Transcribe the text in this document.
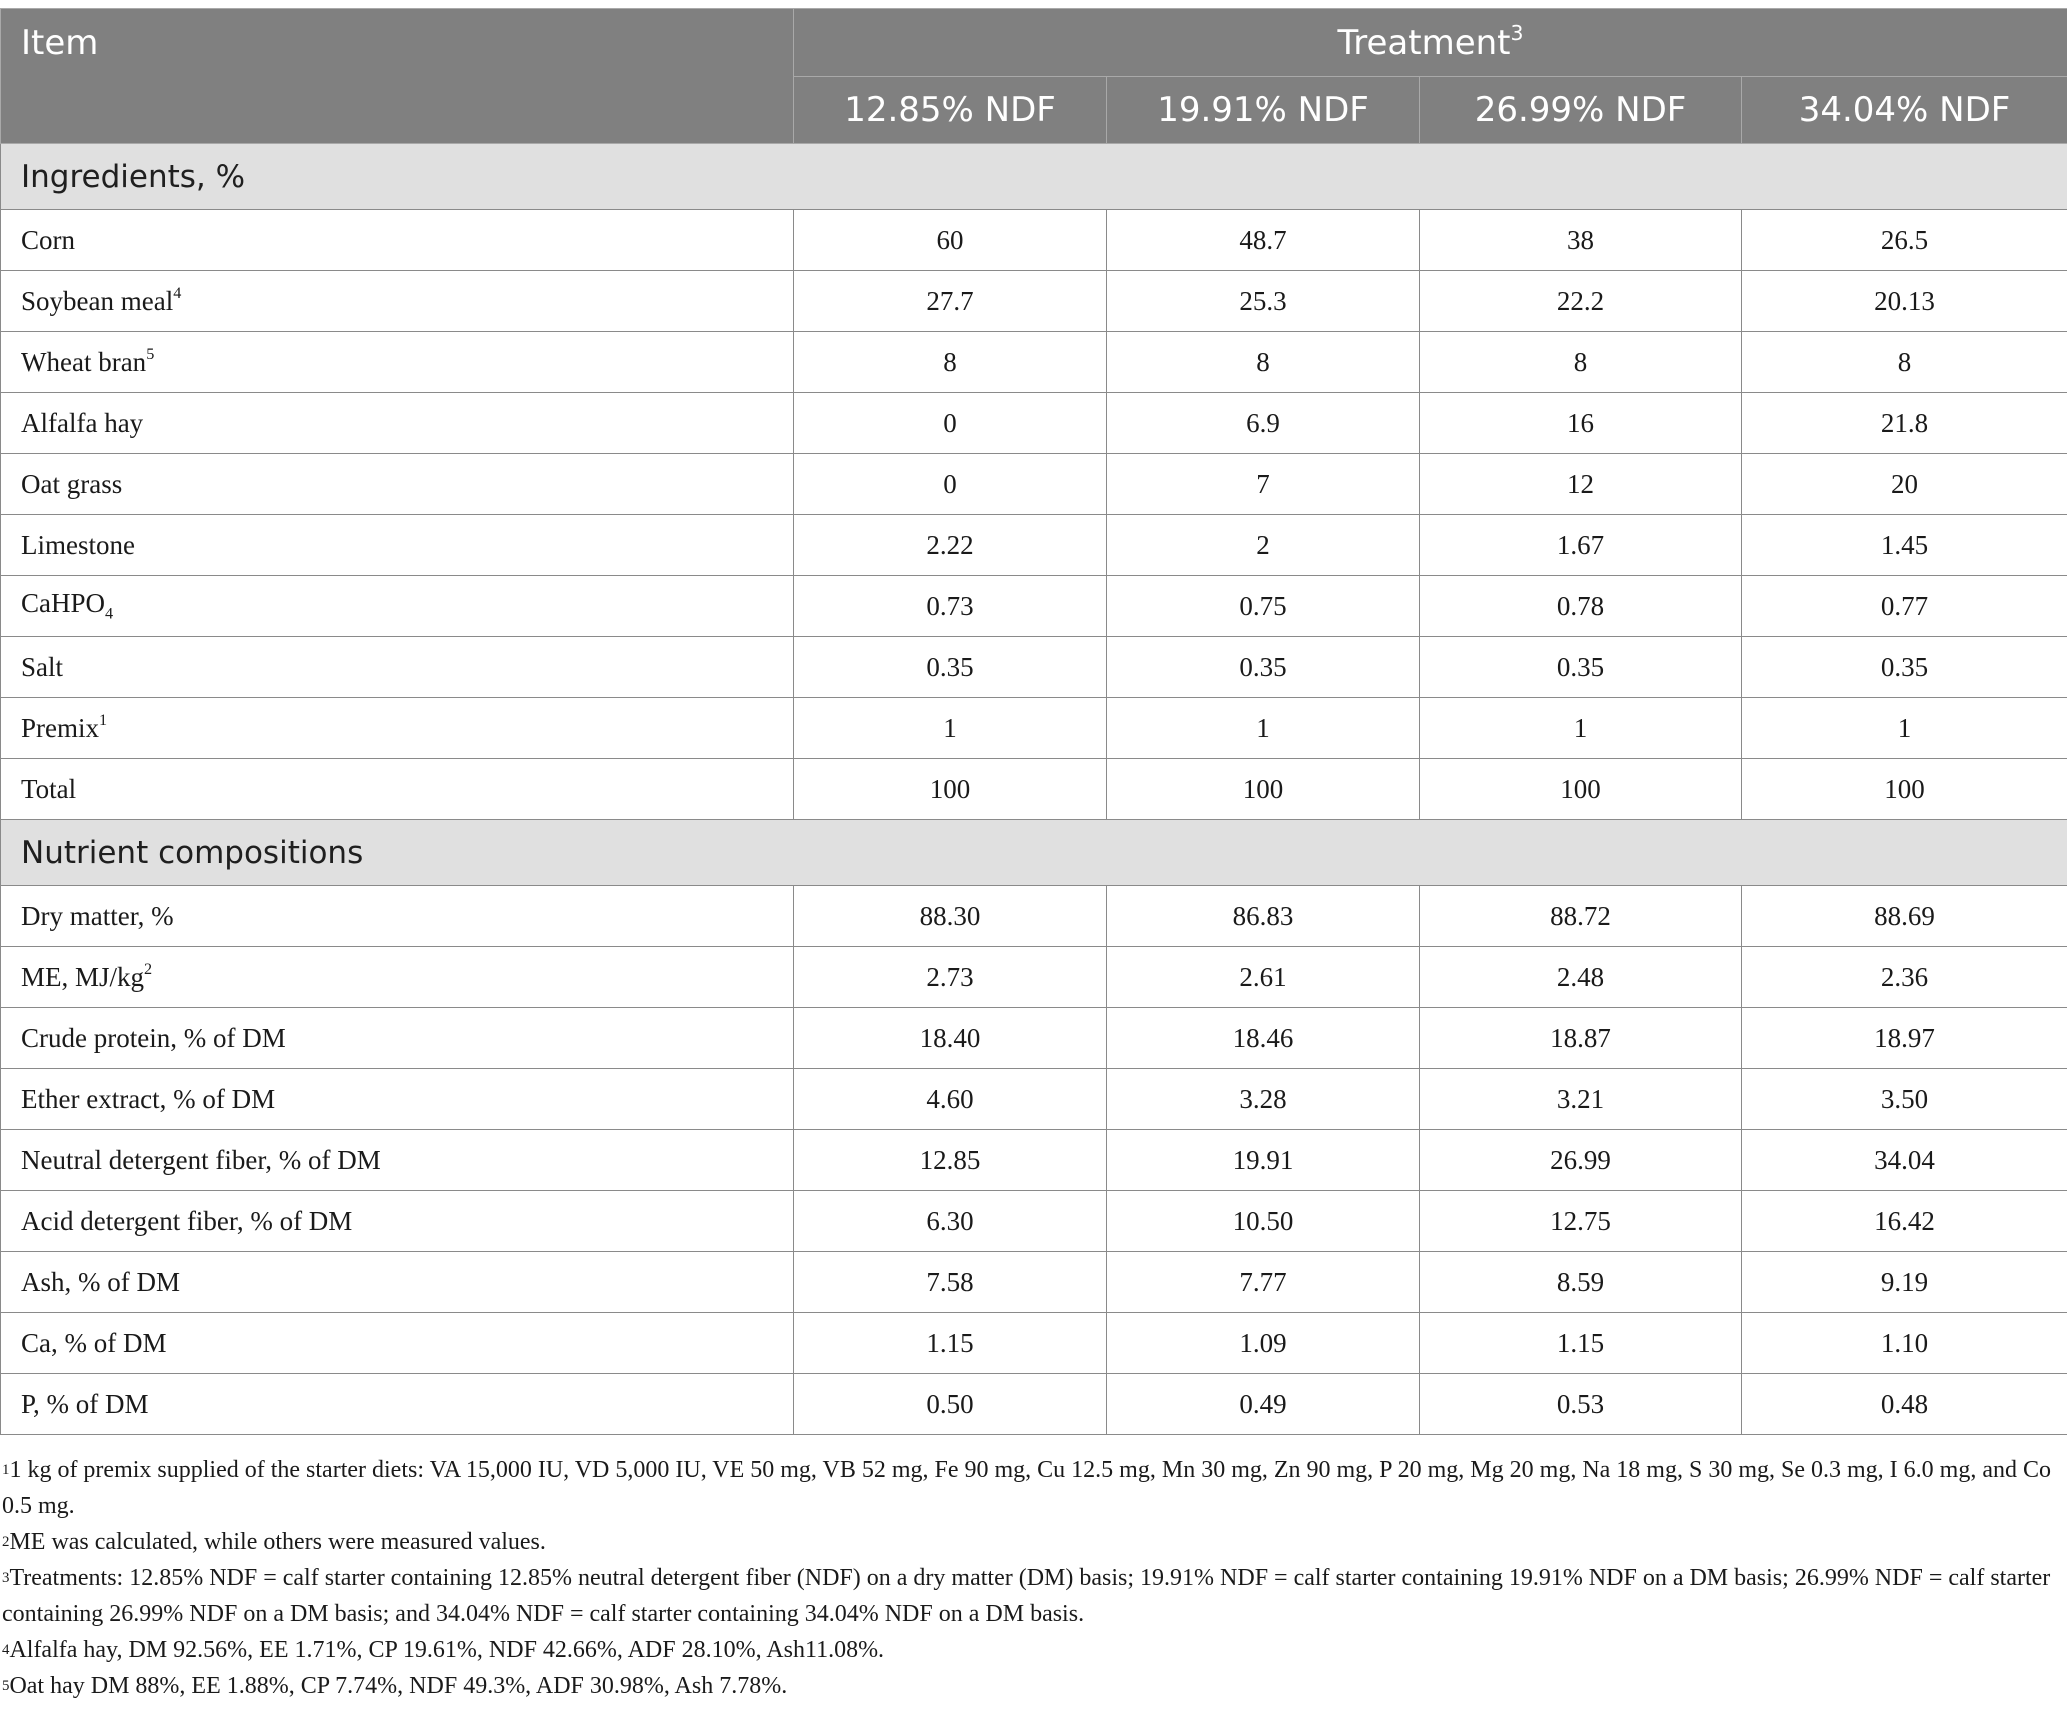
Item	Treatment$^3$
	12.85% NDF	19.91% NDF	26.99% NDF	34.04% NDF
Ingredients, %				
Corn	60	48.7	38	26.5
Soybean meal$^4$	27.7	25.3	22.2	20.13
Wheat bran$^5$	8	8	8	8
Alfalfa hay	0	6.9	16	21.8
Oat grass	0	7	12	20
Limestone	2.22	2	1.67	1.45
CaHPO$_4$	0.73	0.75	0.78	0.77
Salt	0.35	0.35	0.35	0.35
Premix$^1$	1	1	1	1
Total	100	100	100	100
Nutrient compositions				
Dry matter, %	88.30	86.83	88.72	88.69
ME, $MJ/kg^2$	2.73	2.61	2.48	2.36
Crude protein, % of DM	18.40	18.46	18.87	18.97
Ether extract, % of DM	4.60	3.28	3.21	3.50
Neutral detergent fiber, % of DM	12.85	19.91	26.99	34.04
Acid detergent fiber, % of DM	6.30	10.50	12.75	16.42
Ash, % of DM	7.58	7.77	8.59	9.19
Ca, % of DM	1.15	1.09	1.15	1.10
P, % of DM	0.50	0.49	0.53	0.48

$^1$1 kg of premix supplied of the starter diets: VA 15,000 IU, VD 5,000 IU, VE 50 mg, VB 52 mg, Fe 90 mg, Cu 12.5 mg, Mn 30 mg, Zn 90 mg, P 20 mg, Mg 20 mg, Na 18 mg, S 30 mg, Se 0.3 mg, I 6.0 mg, and Co 0.5 mg.

$^2$ME was calculated, while others were measured values.

$^3$Treatments: 12.85% NDF = calf starter containing 12.85% neutral detergent fiber (NDF) on a dry matter (DM) basis; 19.91% NDF = calf starter containing 19.91% NDF on a DM basis; 26.99% NDF = calf starter containing 26.99% NDF on a DM basis; and 34.04% NDF = calf starter containing 34.04% NDF on a DM basis.

$^4$Alfalfa hay, DM 92.56%, EE 1.71%, CP 19.61%, NDF 42.66%, ADF 28.10%, Ash11.08%.

$^5$Oat hay DM 88%, EE 1.88%, CP 7.74%, NDF 49.3%, ADF 30.98%, Ash 7.78%.
